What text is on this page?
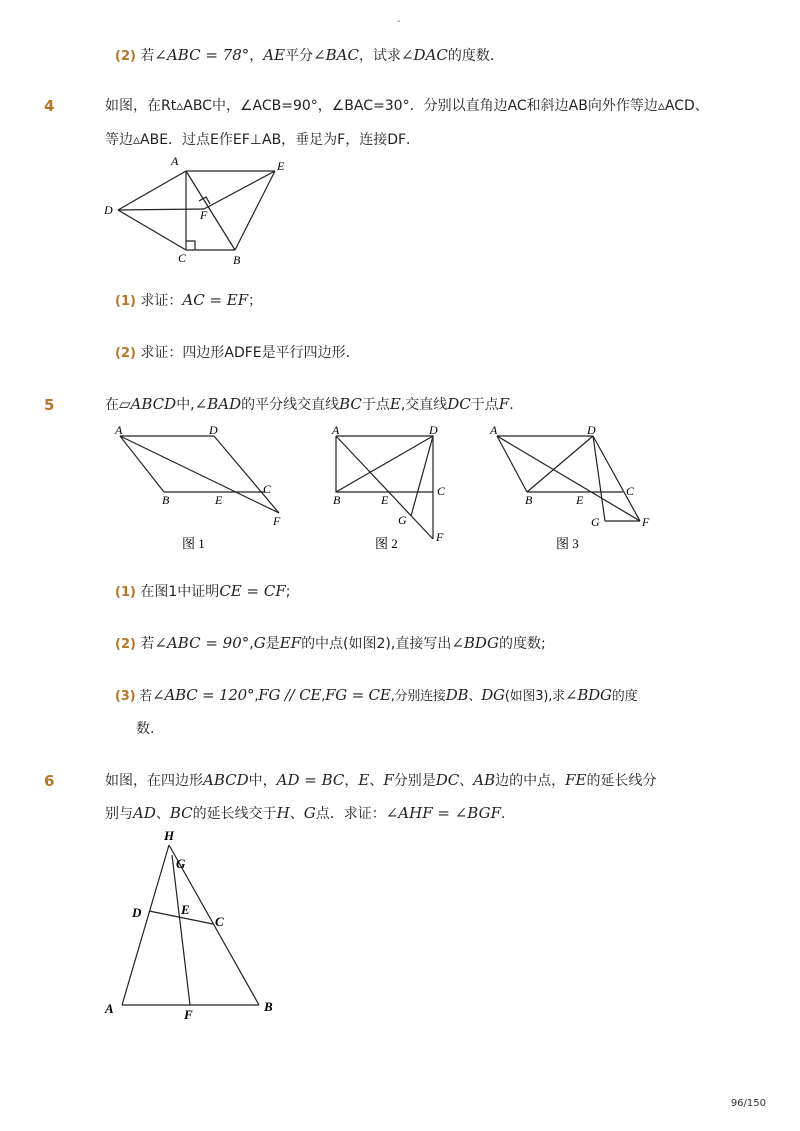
-
(2) 若∠ABC = 78°，AE平分∠BAC，试求∠DAC的度数．
4	如图，在Rt▵ABC中，∠ACB=90°，∠BAC=30°．分别以直角边AC和斜边AB向外作等边▵ACD、
等边▵ABE．过点E作EF⊥AB，垂足为F，连接DF．
A	E
D	F
C	B
(1) 求证：AC = EF；
(2) 求证：四边形ADFE是平行四边形．
5	在▱ABCD中,∠BAD的平分线交直线BC于点E,交直线DC于点F.
A	D
B	E
C
F
图 1
A	D
B	E
C
G
F
图 2
A	D
B	E
C
G	F
图 3
(1) 在图1中证明CE = CF;
(2) 若∠ABC = 90°,G是EF的中点(如图2),直接写出∠BDG的度数;
(3) 若∠ABC = 120°,FG // CE,FG = CE,分别连接DB、DG(如图3),求∠BDG的度
数.
6	如图，在四边形ABCD中，AD = BC，E、F分别是DC、AB边的中点，FE的延长线分
别与AD、BC的延长线交于H、G点．求证：∠AHF = ∠BGF．
H
G
D	E
C
A	F
B
96/150
